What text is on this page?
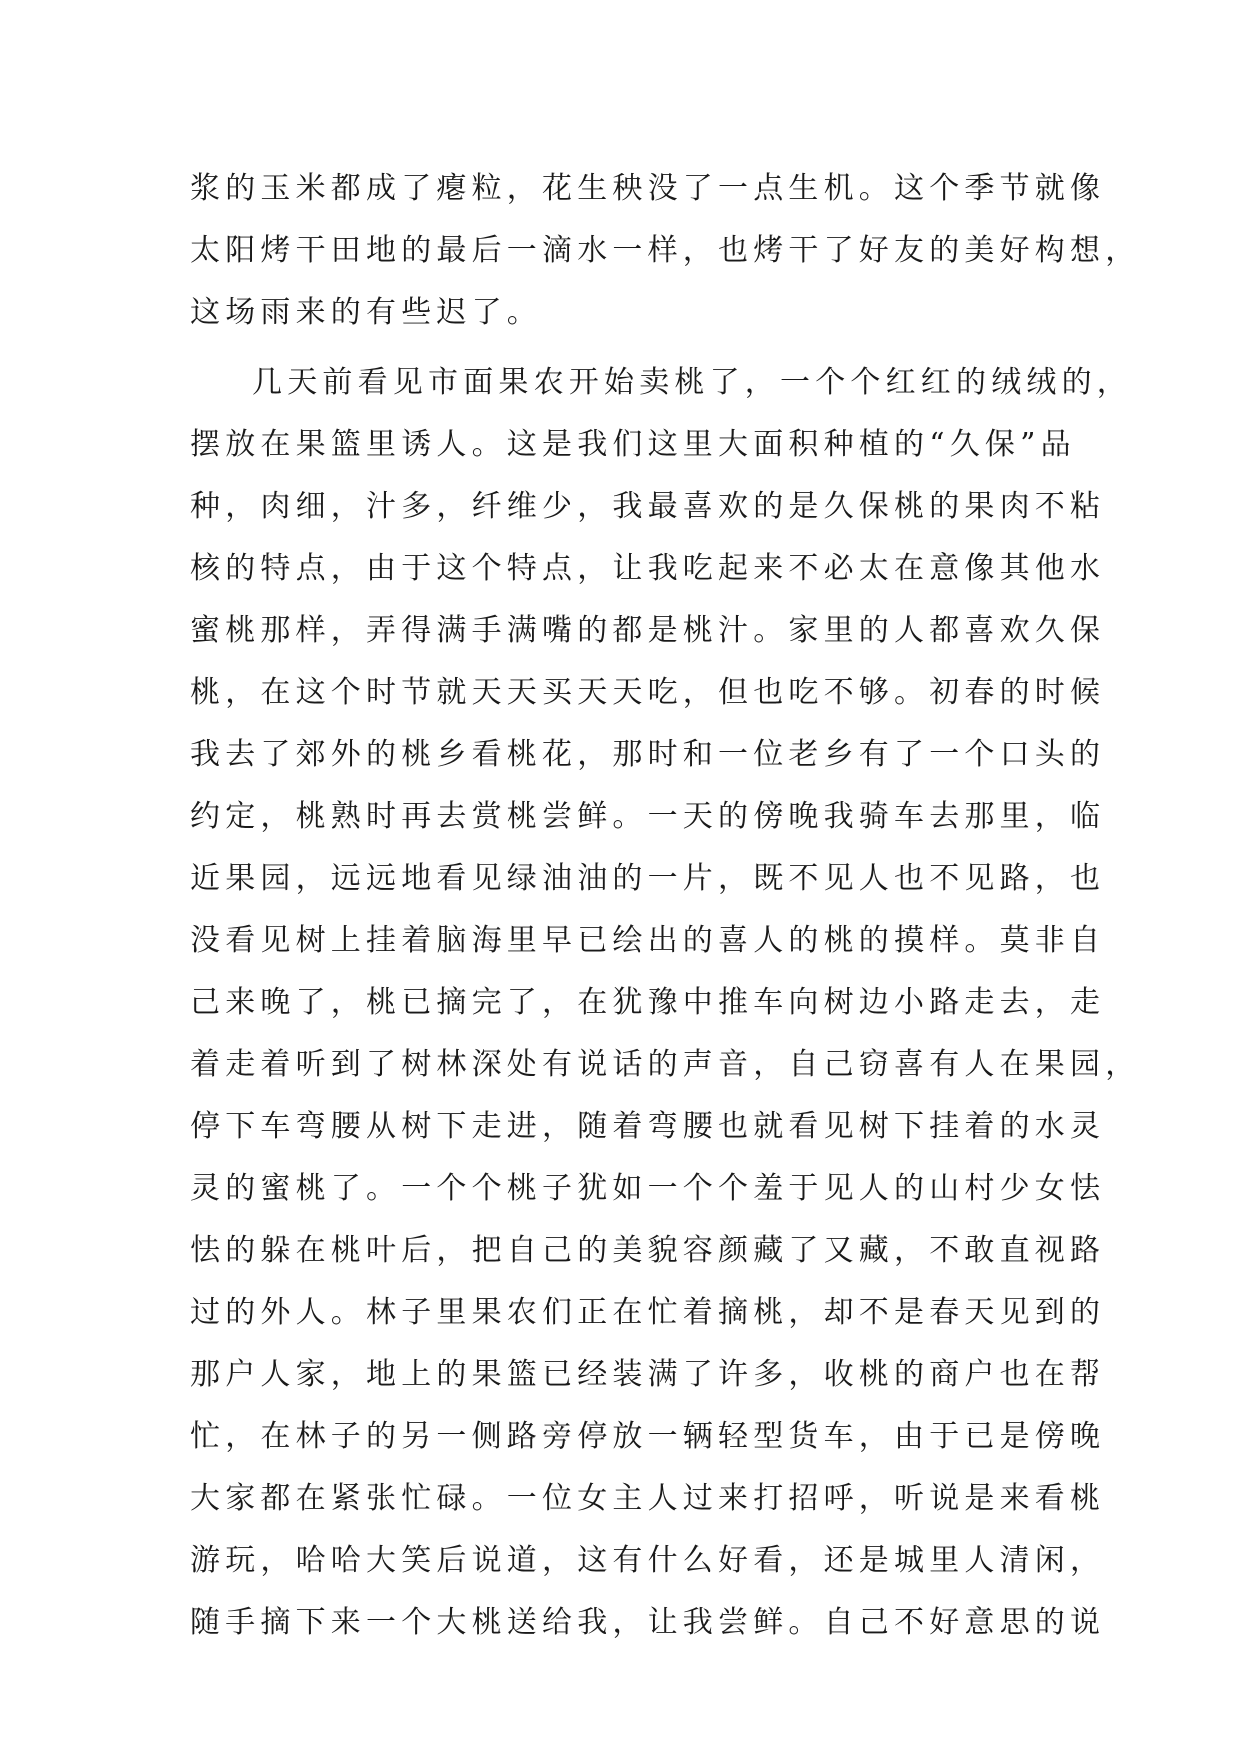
浆的玉米都成了瘪粒，花生秧没了一点生机。这个季节就像
太阳烤干田地的最后一滴水一样，也烤干了好友的美好构想，
这场雨来的有些迟了。
几天前看见市面果农开始卖桃了，一个个红红的绒绒的，
摆放在果篮里诱人。这是我们这里大面积种植的“久保”品
种，肉细，汁多，纤维少，我最喜欢的是久保桃的果肉不粘
核的特点，由于这个特点，让我吃起来不必太在意像其他水
蜜桃那样，弄得满手满嘴的都是桃汁。家里的人都喜欢久保
桃，在这个时节就天天买天天吃，但也吃不够。初春的时候
我去了郊外的桃乡看桃花，那时和一位老乡有了一个口头的
约定，桃熟时再去赏桃尝鲜。一天的傍晚我骑车去那里，临
近果园，远远地看见绿油油的一片，既不见人也不见路，也
没看见树上挂着脑海里早已绘出的喜人的桃的摸样。莫非自
己来晚了，桃已摘完了，在犹豫中推车向树边小路走去，走
着走着听到了树林深处有说话的声音，自己窃喜有人在果园，
停下车弯腰从树下走进，随着弯腰也就看见树下挂着的水灵
灵的蜜桃了。一个个桃子犹如一个个羞于见人的山村少女怯
怯的躲在桃叶后，把自己的美貌容颜藏了又藏，不敢直视路
过的外人。林子里果农们正在忙着摘桃，却不是春天见到的
那户人家，地上的果篮已经装满了许多，收桃的商户也在帮
忙，在林子的另一侧路旁停放一辆轻型货车，由于已是傍晚
大家都在紧张忙碌。一位女主人过来打招呼，听说是来看桃
游玩，哈哈大笑后说道，这有什么好看，还是城里人清闲，
随手摘下来一个大桃送给我，让我尝鲜。自己不好意思的说
